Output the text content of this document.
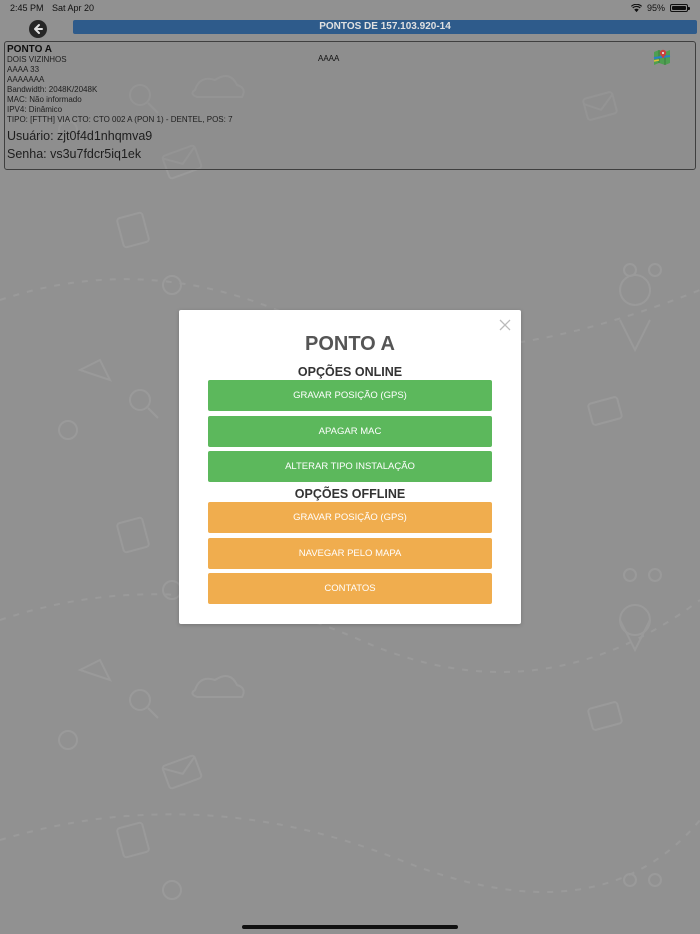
2:45 PM Sat Apr 20	95%
PONTOS DE 157.103.920-14
PONTO A
DOIS VIZINHOS
AAAA 33
AAAAAAA
Bandwidth: 2048K/2048K
MAC: Não informado
IPV4: Dinâmico
TIPO: [FTTH] VIA CTO: CTO 002 A (PON 1) - DENTEL, POS: 7
Usuário: zjt0f4d1nhqmva9
Senha: vs3u7fdcr5iq1ek
AAAA
PONTO A
OPÇÕES ONLINE
GRAVAR POSIÇÃO (GPS)
APAGAR MAC
ALTERAR TIPO INSTALAÇÃO
OPÇÕES OFFLINE
GRAVAR POSIÇÃO (GPS)
NAVEGAR PELO MAPA
CONTATOS
